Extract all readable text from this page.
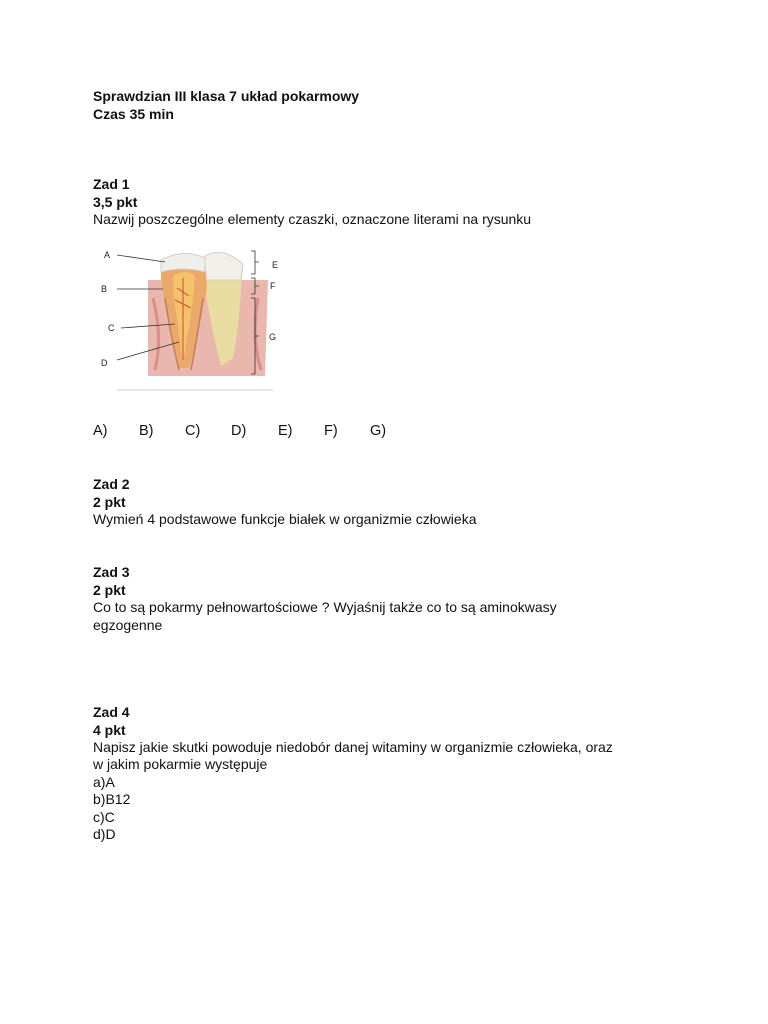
Sprawdzian III klasa 7 układ pokarmowy
Czas 35 min
Zad 1
3,5 pkt
Nazwij poszczególne elementy czaszki, oznaczone literami na rysunku
A
B
C
D
E
F
G
A) B) C) D) E) F) G)
Zad 2
2 pkt
Wymień 4 podstawowe funkcje białek w organizmie człowieka
Zad 3
2 pkt
Co to są pokarmy pełnowartościowe ? Wyjaśnij także co to są aminokwasy
egzogenne
Zad 4
4 pkt
Napisz jakie skutki powoduje niedobór danej witaminy w organizmie człowieka, oraz
w jakim pokarmie występuje
a)A
b)B12
c)C
d)D
